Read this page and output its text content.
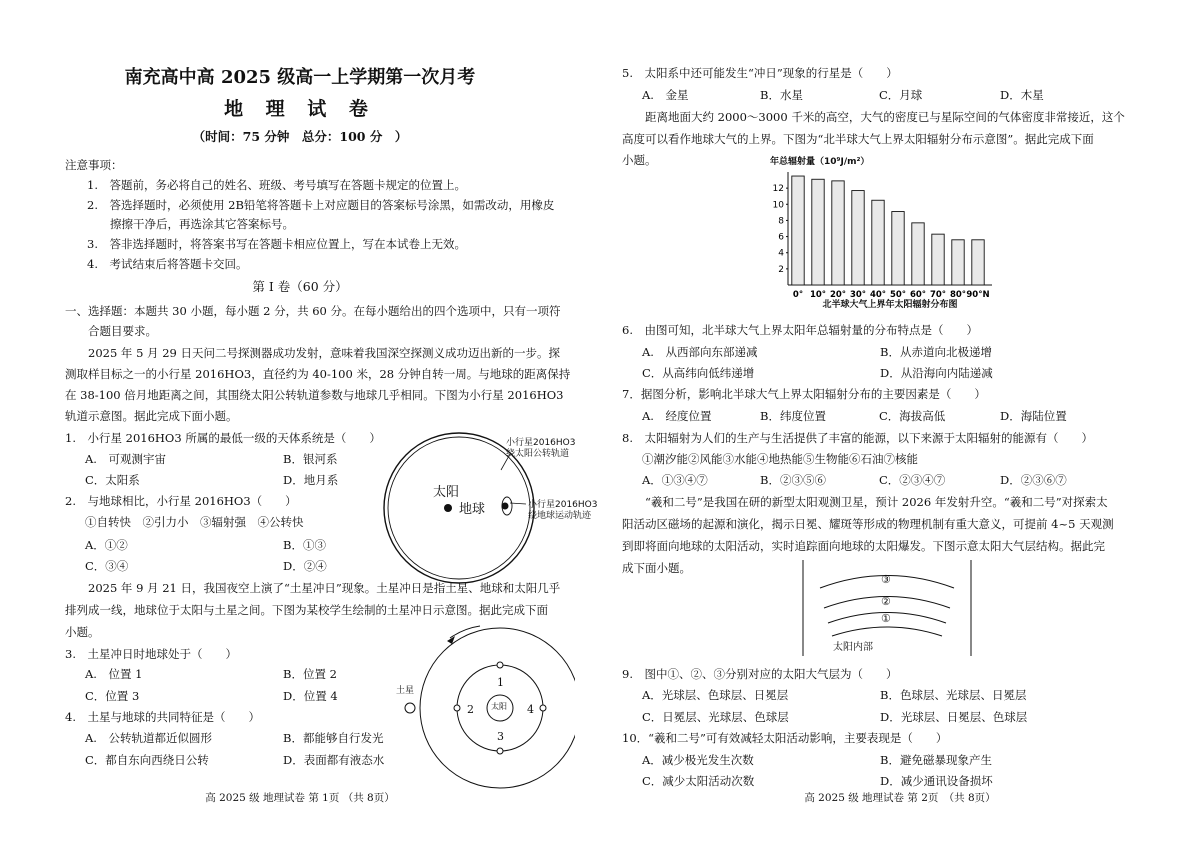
南充高中高 2025 级高一上学期第一次月考
地 理 试 卷
（时间：75 分钟　总分：100 分　）
注意事项：
1.　答题前，务必将自己的姓名、班级、考号填写在答题卡规定的位置上。
2.　答选择题时，必须使用 2B铅笔将答题卡上对应题目的答案标号涂黑，如需改动，用橡皮
　　擦擦干净后，再选涂其它答案标号。
3.　答非选择题时，将答案书写在答题卡相应位置上，写在本试卷上无效。
4.　考试结束后将答题卡交回。
第 I 卷（60 分）
一、选择题：本题共 30 小题，每小题 2 分，共 60 分。在每小题给出的四个选项中，只有一项符
　　合题目要求。
　　2025 年 5 月 29 日天问二号探测器成功发射，意味着我国深空探测义成功迈出新的一步。探
测取样目标之一的小行星 2016HO3，直径约为 40-100 米，28 分钟自转一周。与地球的距离保持
在 38-100 倍月地距离之间，其围绕太阳公转轨道参数与地球几乎相同。下图为小行星 2016HO3
轨道示意图。据此完成下面小题。
1.　小行星 2016HO3 所属的最低一级的天体系统是（　　）
A.　可观测宇宙	B．银河系
C．太阳系	D．地月系
2.　与地球相比，小行星 2016HO3（　　）
①自转快　②引力小　③辐射强　④公转快
A．①②	B．①③
C．③④	D．②④
　　2025 年 9 月 21 日，我国夜空上演了“土星冲日”现象。土星冲日是指土星、地球和太阳几乎
排列成一线，地球位于太阳与土星之间。下图为某校学生绘制的土星冲日示意图。据此完成下面
小题。
3.　土星冲日时地球处于（　　）
A.　位置 1	B．位置 2
C．位置 3	D．位置 4
4.　土星与地球的共同特征是（　　）
A.　公转轨道都近似圆形	B．都能够自行发光
C．都自东向西绕日公转	D．表面都有液态水
高 2025 级 地理试卷 第 1页 （共 8页）
小行星2016HO3
绕太阳公转轨道
太阳
地球	小行星2016HO3
绕地球运动轨迹
土星
太阳
1
2
3
4
5.　太阳系中还可能发生“冲日”现象的行星是（　　）
A.　金星	B．水星	C．月球	D．木星
　　距离地面大约 2000～3000 千米的高空，大气的密度已与星际空间的气体密度非常接近，这个
高度可以看作地球大气的上界。下图为“北半球大气上界太阳辐射分布示意图”。据此完成下面
小题。	年总辐射量（10⁹J/m²）
12
10
8
6
4
2
0° 10° 20° 30° 40° 50° 60° 70° 80° 90°N
北半球大气上界年太阳辐射分布图
6.　由图可知，北半球大气上界太阳年总辐射量的分布特点是（　　）
A.　从西部向东部递减	B．从赤道向北极递增
C．从高纬向低纬递增	D．从沿海向内陆递减
7．据图分析，影响北半球大气上界太阳辐射分布的主要因素是（　　）
A.　经度位置	B．纬度位置	C．海拔高低	D．海陆位置
8.　太阳辐射为人们的生产与生活提供了丰富的能源，以下来源于太阳辐射的能源有（　　）
①潮汐能②风能③水能④地热能⑤生物能⑥石油⑦核能
A．①③④⑦	B．②③⑤⑥	C．②③④⑦	D．②③⑥⑦
　　“羲和二号”是我国在研的新型太阳观测卫星，预计 2026 年发射升空。“羲和二号”对探索太
阳活动区磁场的起源和演化，揭示日冕、耀斑等形成的物理机制有重大意义，可提前 4~5 天观测
到即将面向地球的太阳活动，实时追踪面向地球的太阳爆发。下图示意太阳大气层结构。据此完
成下面小题。
③
②
①
太阳内部
9.　图中①、②、③分别对应的太阳大气层为（　　）
A．光球层、色球层、日冕层	B．色球层、光球层、日冕层
C．日冕层、光球层、色球层	D．光球层、日冕层、色球层
10．“羲和二号”可有效减轻太阳活动影响，主要表现是（　　）
A．减少极光发生次数	B．避免磁暴现象产生
C．减少太阳活动次数	D．减少通讯设备损坏
高 2025 级 地理试卷 第 2页　（共 8页）
